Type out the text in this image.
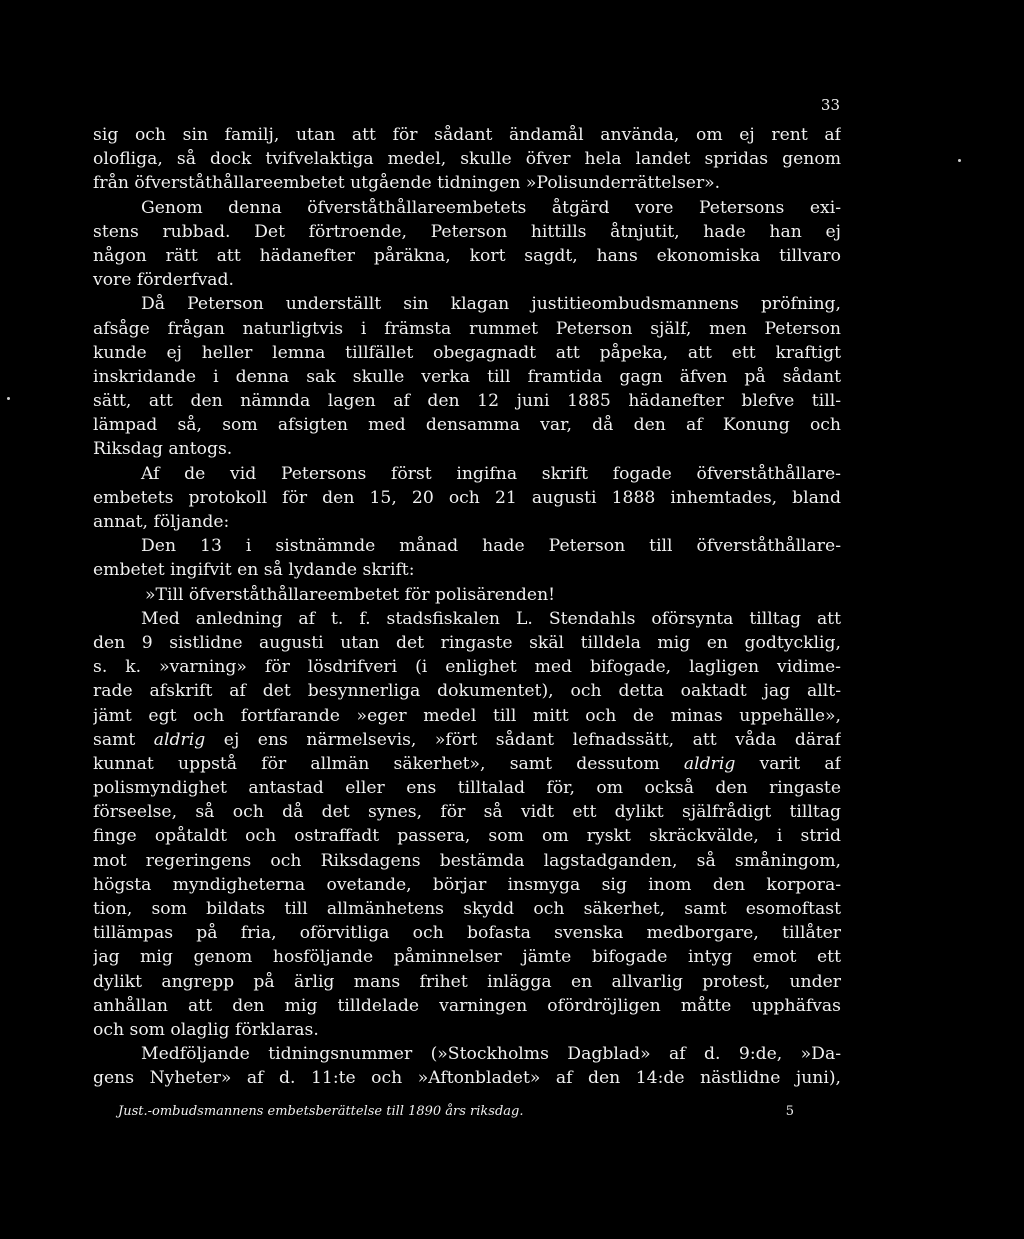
33
sig och sin familj, utan att för sådant ändamål använda, om ej rent af
olofliga, så dock tvifvelaktiga medel, skulle öfver hela landet spridas genom
från öfverståthållareembetet utgående tidningen »Polisunderrättelser».
Genom denna öfverståthållareembetets åtgärd vore Petersons exi-
stens rubbad. Det förtroende, Peterson hittills åtnjutit, hade han ej
någon rätt att hädanefter påräkna, kort sagdt, hans ekonomiska tillvaro
vore förderfvad.
Då Peterson underställt sin klagan justitieombudsmannens pröfning,
afsåge frågan naturligtvis i främsta rummet Peterson själf, men Peterson
kunde ej heller lemna tillfället obegagnadt att påpeka, att ett kraftigt
inskridande i denna sak skulle verka till framtida gagn äfven på sådant
sätt, att den nämnda lagen af den 12 juni 1885 hädanefter blefve till-
lämpad så, som afsigten med densamma var, då den af Konung och
Riksdag antogs.
Af de vid Petersons först ingifna skrift fogade öfverståthållare-
embetets protokoll för den 15, 20 och 21 augusti 1888 inhemtades, bland
annat, följande:
Den 13 i sistnämnde månad hade Peterson till öfverståthållare-
embetet ingifvit en så lydande skrift:
»Till öfverståthållareembetet för polisärenden!
Med anledning af t. f. stadsfiskalen L. Stendahls oförsynta tilltag att
den 9 sistlidne augusti utan det ringaste skäl tilldela mig en godtycklig,
s. k. »varning» för lösdrifveri (i enlighet med bifogade, lagligen vidime-
rade afskrift af det besynnerliga dokumentet), och detta oaktadt jag allt-
jämt egt och fortfarande »eger medel till mitt och de minas uppehälle»,
samt aldrig ej ens närmelsevis, »fört sådant lefnadssätt, att våda däraf
kunnat uppstå för allmän säkerhet», samt dessutom aldrig varit af
polismyndighet antastad eller ens tilltalad för, om också den ringaste
förseelse, så och då det synes, för så vidt ett dylikt själfrådigt tilltag
finge opåtaldt och ostraffadt passera, som om ryskt skräckvälde, i strid
mot regeringens och Riksdagens bestämda lagstadganden, så småningom,
högsta myndigheterna ovetande, börjar insmyga sig inom den korpora-
tion, som bildats till allmänhetens skydd och säkerhet, samt esomoftast
tillämpas på fria, oförvitliga och bofasta svenska medborgare, tillåter
jag mig genom hosföljande påminnelser jämte bifogade intyg emot ett
dylikt angrepp på ärlig mans frihet inlägga en allvarlig protest, under
anhållan att den mig tilldelade varningen ofördröjligen måtte upphäfvas
och som olaglig förklaras.
Medföljande tidningsnummer (»Stockholms Dagblad» af d. 9:de, »Da-
gens Nyheter» af d. 11:te och »Aftonbladet» af den 14:de nästlidne juni),
Just.-ombudsmannens embetsberättelse till 1890 års riksdag.	5
